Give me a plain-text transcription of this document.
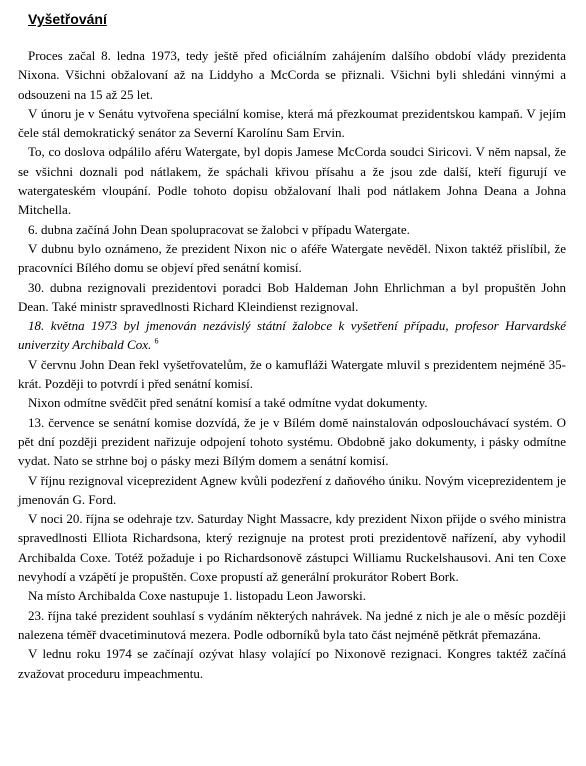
Vyšetřování

Proces začal 8. ledna 1973, tedy ještě před oficiálním zahájením dalšího období vlády prezidenta Nixona. Všichni obžalovaní až na Liddyho a McCorda se přiznali. Všichni byli shledáni vinnými a odsouzeni na 15 až 25 let.

V únoru je v Senátu vytvořena speciální komise, která má přezkoumat prezidentskou kampaň. V jejím čele stál demokratický senátor za Severní Karolínu Sam Ervin.

To, co doslova odpálilo aféru Watergate, byl dopis Jamese McCorda soudci Siricovi. V něm napsal, že se všichni doznali pod nátlakem, že spáchali křivou přísahu a že jsou zde další, kteří figurují ve watergateském vloupání. Podle tohoto dopisu obžalovaní lhali pod nátlakem Johna Deana a Johna Mitchella.

6. dubna začíná John Dean spolupracovat se žalobci v případu Watergate.

V dubnu bylo oznámeno, že prezident Nixon nic o aféře Watergate nevěděl. Nixon taktéž přislíbil, že pracovníci Bílého domu se objeví před senátní komisí.

30. dubna rezignovali prezidentovi poradci Bob Haldeman John Ehrlichman a byl propuštěn John Dean. Také ministr spravedlnosti Richard Kleindienst rezignoval.

18. května 1973 byl jmenován nezávislý státní žalobce k vyšetření případu, profesor Harvardské univerzity Archibald Cox. $^6$

V červnu John Dean řekl vyšetřovatelům, že o kamufláži Watergate mluvil s prezidentem nejméně 35-krát. Později to potvrdí i před senátní komisí.

Nixon odmítne svědčit před senátní komisí a také odmítne vydat dokumenty.

13. července se senátní komise dozvídá, že je v Bílém domě nainstalován odposlouchávací systém. O pět dní později prezident nařizuje odpojení tohoto systému. Obdobně jako dokumenty, i pásky odmítne vydat. Nato se strhne boj o pásky mezi Bílým domem a senátní komisí.

V říjnu rezignoval viceprezident Agnew kvůli podezření z daňového úniku. Novým viceprezidentem je jmenován G. Ford.

V noci 20. října se odehraje tzv. Saturday Night Massacre, kdy prezident Nixon přijde o svého ministra spravedlnosti Elliota Richardsona, který rezignuje na protest proti prezidentově nařízení, aby vyhodil Archibalda Coxe. Totéž požaduje i po Richardsonově zástupci Williamu Ruckelshausovi. Ani ten Coxe nevyhodí a vzápětí je propuštěn. Coxe propustí až generální prokurátor Robert Bork.

Na místo Archibalda Coxe nastupuje 1. listopadu Leon Jaworski.

23. října také prezident souhlasí s vydáním některých nahrávek. Na jedné z nich je ale o měsíc později nalezena téměř dvacetiminutová mezera. Podle odborníků byla tato část nejméně pětkrát přemazána.

V lednu roku 1974 se začínají ozývat hlasy volající po Nixonově rezignaci. Kongres taktéž začíná zvažovat proceduru impeachmentu.
